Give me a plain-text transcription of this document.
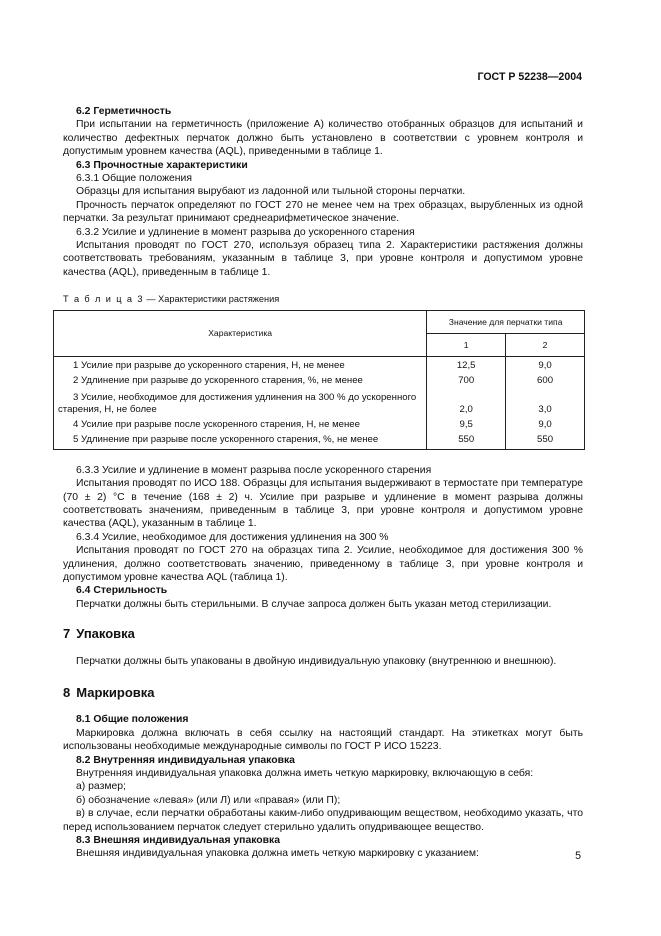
ГОСТ Р 52238—2004

6.2 Герметичность

При испытании на герметичность (приложение А) количество отобранных образцов для испытаний и количество дефектных перчаток должно быть установлено в соответствии с уровнем контроля и допустимым уровнем качества (AQL), приведенными в таблице 1.

6.3 Прочностные характеристики

6.3.1 Общие положения

Образцы для испытания вырубают из ладонной или тыльной стороны перчатки.

Прочность перчаток определяют по ГОСТ 270 не менее чем на трех образцах, вырубленных из одной перчатки. За результат принимают среднеарифметическое значение.

6.3.2 Усилие и удлинение в момент разрыва до ускоренного старения

Испытания проводят по ГОСТ 270, используя образец типа 2. Характеристики растяжения должны соответствовать требованиям, указанным в таблице 3, при уровне контроля и допустимом уровне качества (AQL), приведенным в таблице 1.

Т а б л и ц а 3 — Характеристики растяжения
Характеристика	Значение для перчатки типа	
	1	2
1 Усилие при разрыве до ускоренного старения, Н, не менее	12,5	9,0
2 Удлинение при разрыве до ускоренного старения, %, не менее	700	600
3 Усилие, необходимое для достижения удлинения на 300 % до ускоренного старения, Н, не более	2,0	3,0
4 Усилие при разрыве после ускоренного старения, Н, не менее	9,5	9,0
5 Удлинение при разрыве после ускоренного старения, %, не менее	550	550

6.3.3 Усилие и удлинение в момент разрыва после ускоренного старения

Испытания проводят по ИСО 188. Образцы для испытания выдерживают в термостате при температуре (70 ± 2) °С в течение (168 ± 2) ч. Усилие при разрыве и удлинение в момент разрыва должны соответствовать значениям, приведенным в таблице 3, при уровне контроля и допустимом уровне качества (AQL), указанным в таблице 1.

6.3.4 Усилие, необходимое для достижения удлинения на 300 %

Испытания проводят по ГОСТ 270 на образцах типа 2. Усилие, необходимое для достижения 300 % удлинения, должно соответствовать значению, приведенному в таблице 3, при уровне контроля и допустимом уровне качества AQL (таблица 1).

6.4 Стерильность

Перчатки должны быть стерильными. В случае запроса должен быть указан метод стерилизации.

7 Упаковка

Перчатки должны быть упакованы в двойную индивидуальную упаковку (внутреннюю и внешнюю).

8 Маркировка

8.1 Общие положения

Маркировка должна включать в себя ссылку на настоящий стандарт. На этикетках могут быть использованы необходимые международные символы по ГОСТ Р ИСО 15223.

8.2 Внутренняя индивидуальная упаковка

Внутренняя индивидуальная упаковка должна иметь четкую маркировку, включающую в себя:

а) размер;

б) обозначение «левая» (или Л) или «правая» (или П);

в) в случае, если перчатки обработаны каким-либо опудривающим веществом, необходимо указать, что перед использованием перчаток следует стерильно удалить опудривающее вещество.

8.3 Внешняя индивидуальная упаковка

Внешняя индивидуальная упаковка должна иметь четкую маркировку с указанием:	5
